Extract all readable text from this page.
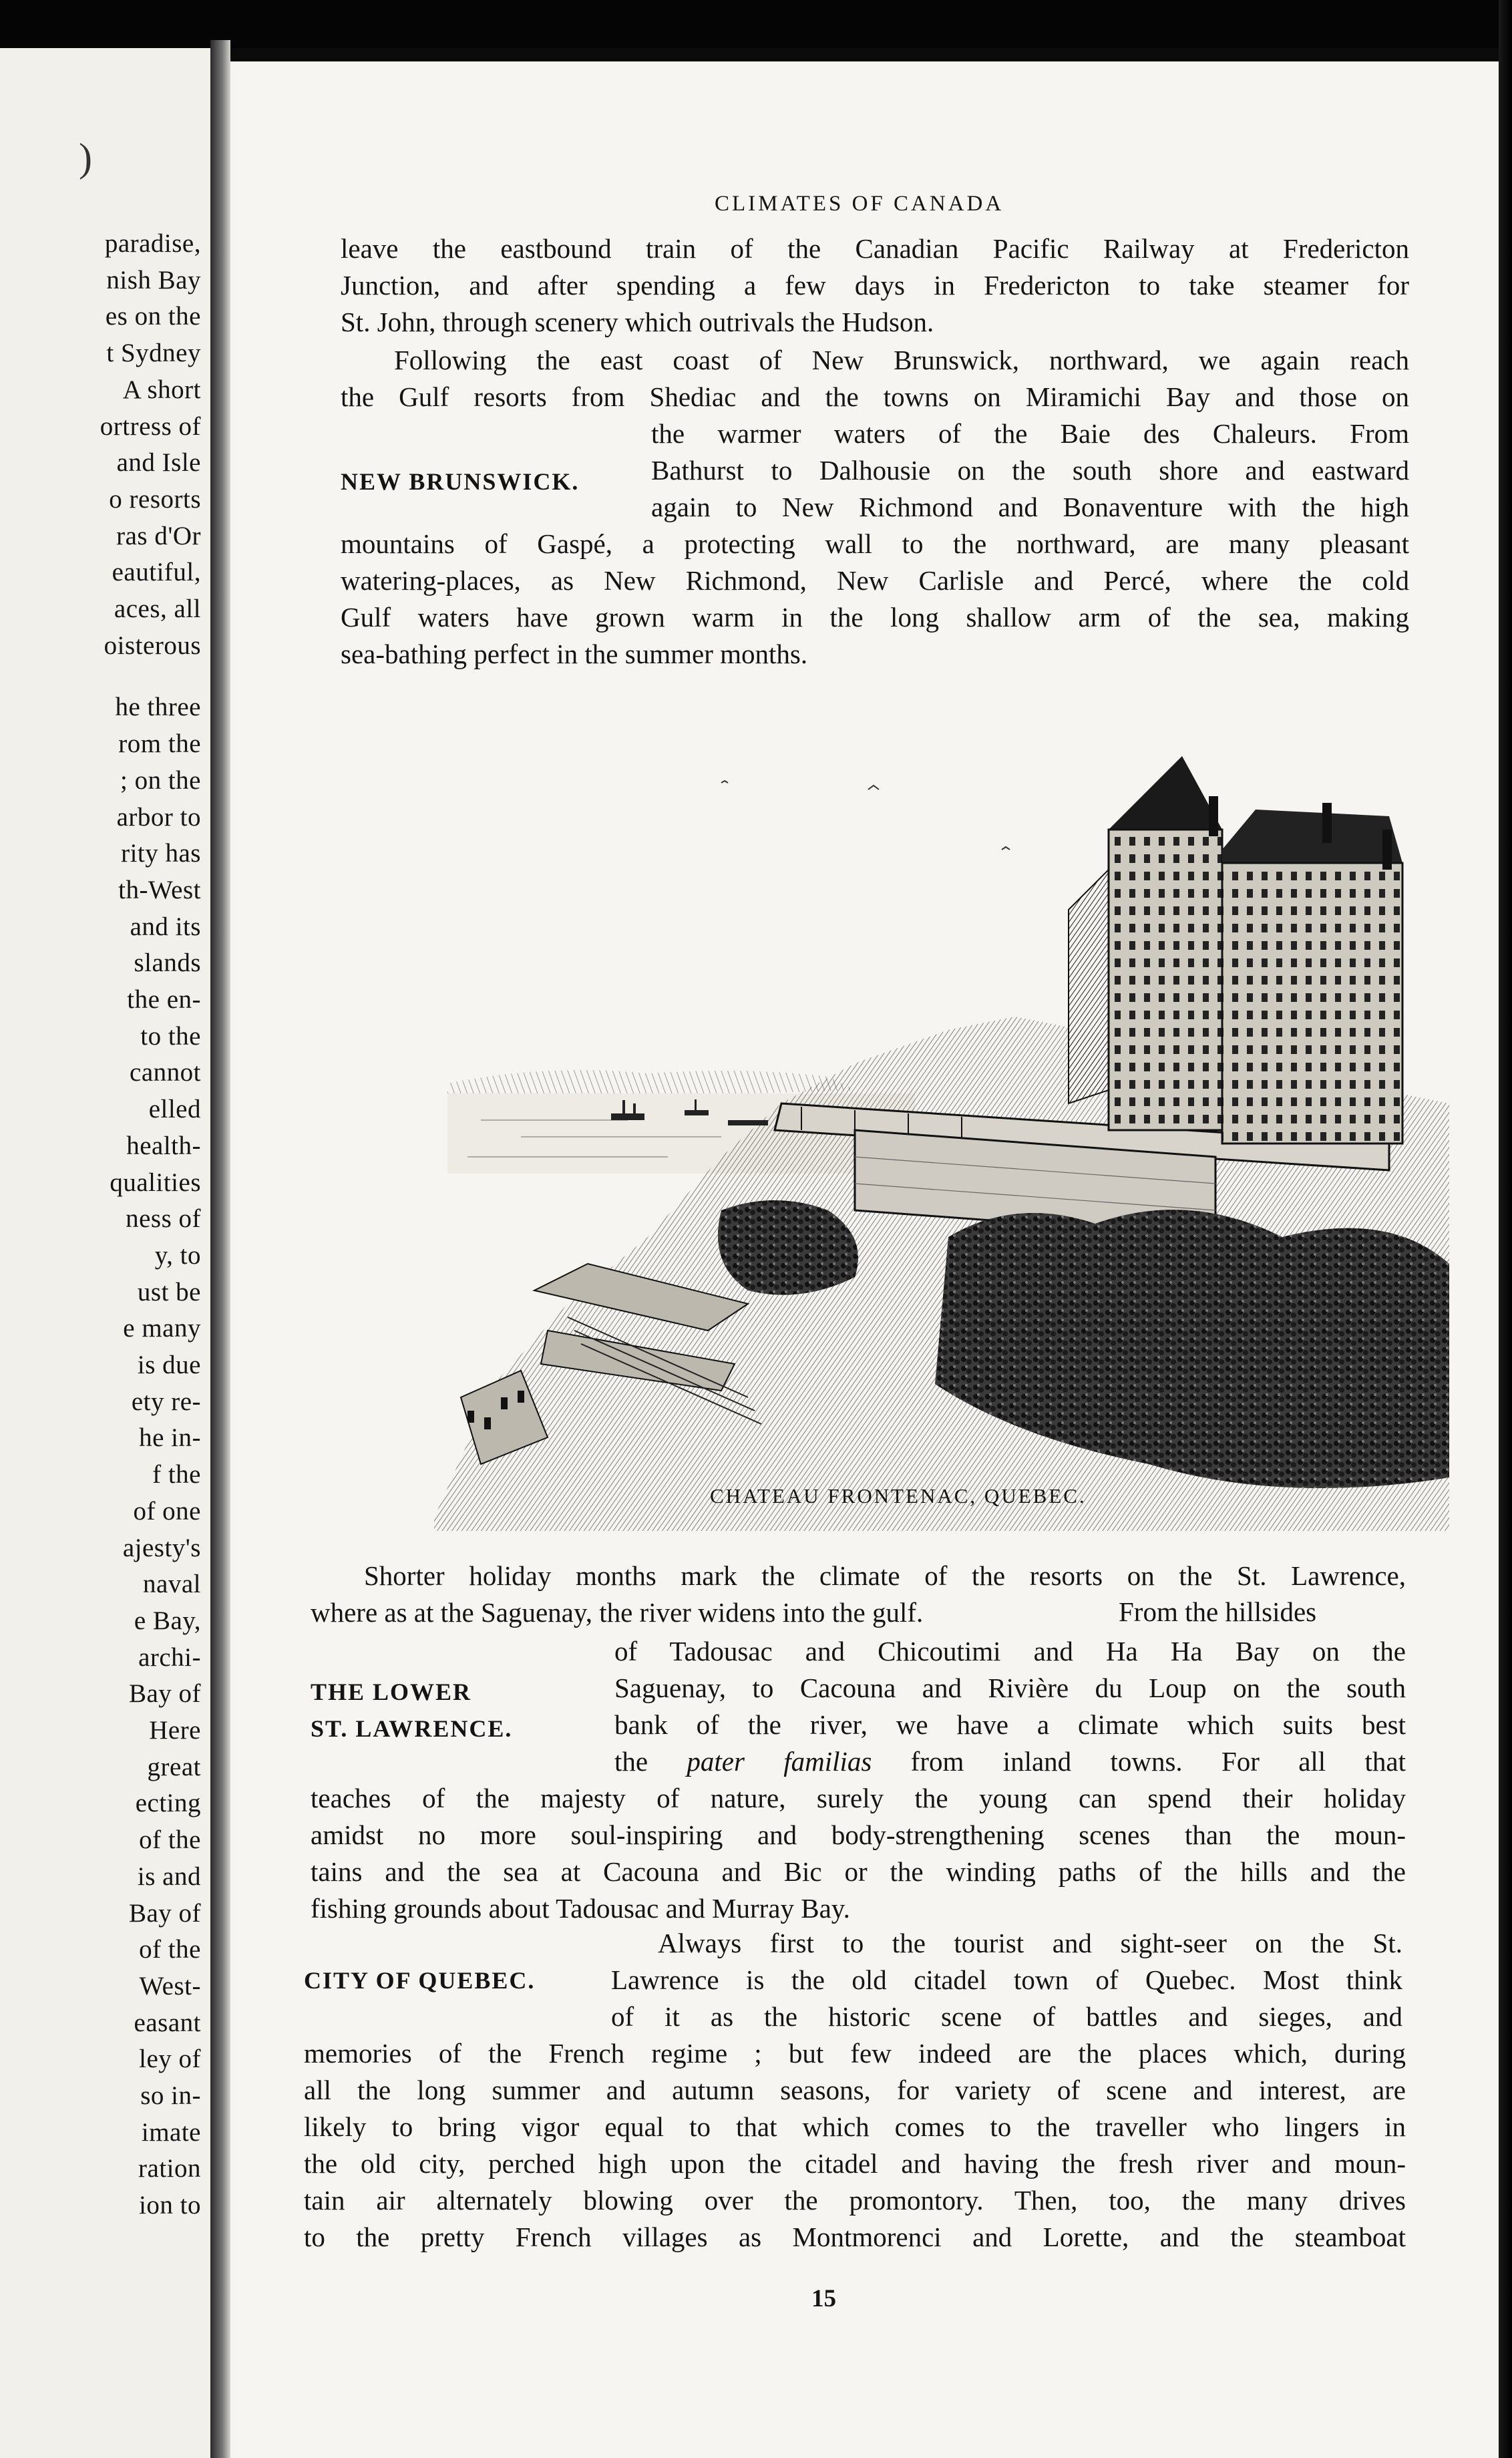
)
paradise,
nish Bay
es on the
t Sydney
A short
ortress of
and Isle
o resorts
ras d'Or
eautiful,
aces, all
oisterous
he three
rom the
; on the
arbor to
rity has
th-West
and its
slands
the en-
to the
cannot
elled
health-
qualities
ness of
y, to
ust be
e many
is due
ety re-
he in-
f the
of one
ajesty's
naval
e Bay,
archi-
Bay of
Here
great
ecting
of the
is and
Bay of
of the
West-
easant
ley of
so in-
imate
ration
ion to
CLIMATES OF CANADA
leave the eastbound train of the Canadian Pacific Railway at Fredericton
Junction, and after spending a few days in Fredericton to take steamer for
St. John, through scenery which outrivals the Hudson.
Following the east coast of New Brunswick, northward, we again reach
the Gulf resorts from Shediac and the towns on Miramichi Bay and those on
NEW BRUNSWICK.
the warmer waters of the Baie des Chaleurs. From
Bathurst to Dalhousie on the south shore and eastward
again to New Richmond and Bonaventure with the high
mountains of Gaspé, a protecting wall to the northward, are many pleasant
watering-places, as New Richmond, New Carlisle and Percé, where the cold
Gulf waters have grown warm in the long shallow arm of the sea, making
sea-bathing perfect in the summer months.
CHATEAU FRONTENAC, QUEBEC.
Shorter holiday months mark the climate of the resorts on the St. Lawrence,
where as at the Saguenay, the river widens into the gulf.	From the hillsides
THE LOWER
ST. LAWRENCE.
of Tadousac and Chicoutimi and Ha Ha Bay on the
Saguenay, to Cacouna and Rivière du Loup on the south
bank of the river, we have a climate which suits best
the pater familias from inland towns. For all that
teaches of the majesty of nature, surely the young can spend their holiday
amidst no more soul-inspiring and body-strengthening scenes than the moun-
tains and the sea at Cacouna and Bic or the winding paths of the hills and the
fishing grounds about Tadousac and Murray Bay.
CITY OF QUEBEC.
Always first to the tourist and sight-seer on the St.
Lawrence is the old citadel town of Quebec. Most think
of it as the historic scene of battles and sieges, and
memories of the French regime ; but few indeed are the places which, during
all the long summer and autumn seasons, for variety of scene and interest, are
likely to bring vigor equal to that which comes to the traveller who lingers in
the old city, perched high upon the citadel and having the fresh river and moun-
tain air alternately blowing over the promontory. Then, too, the many drives
to the pretty French villages as Montmorenci and Lorette, and the steamboat
15
